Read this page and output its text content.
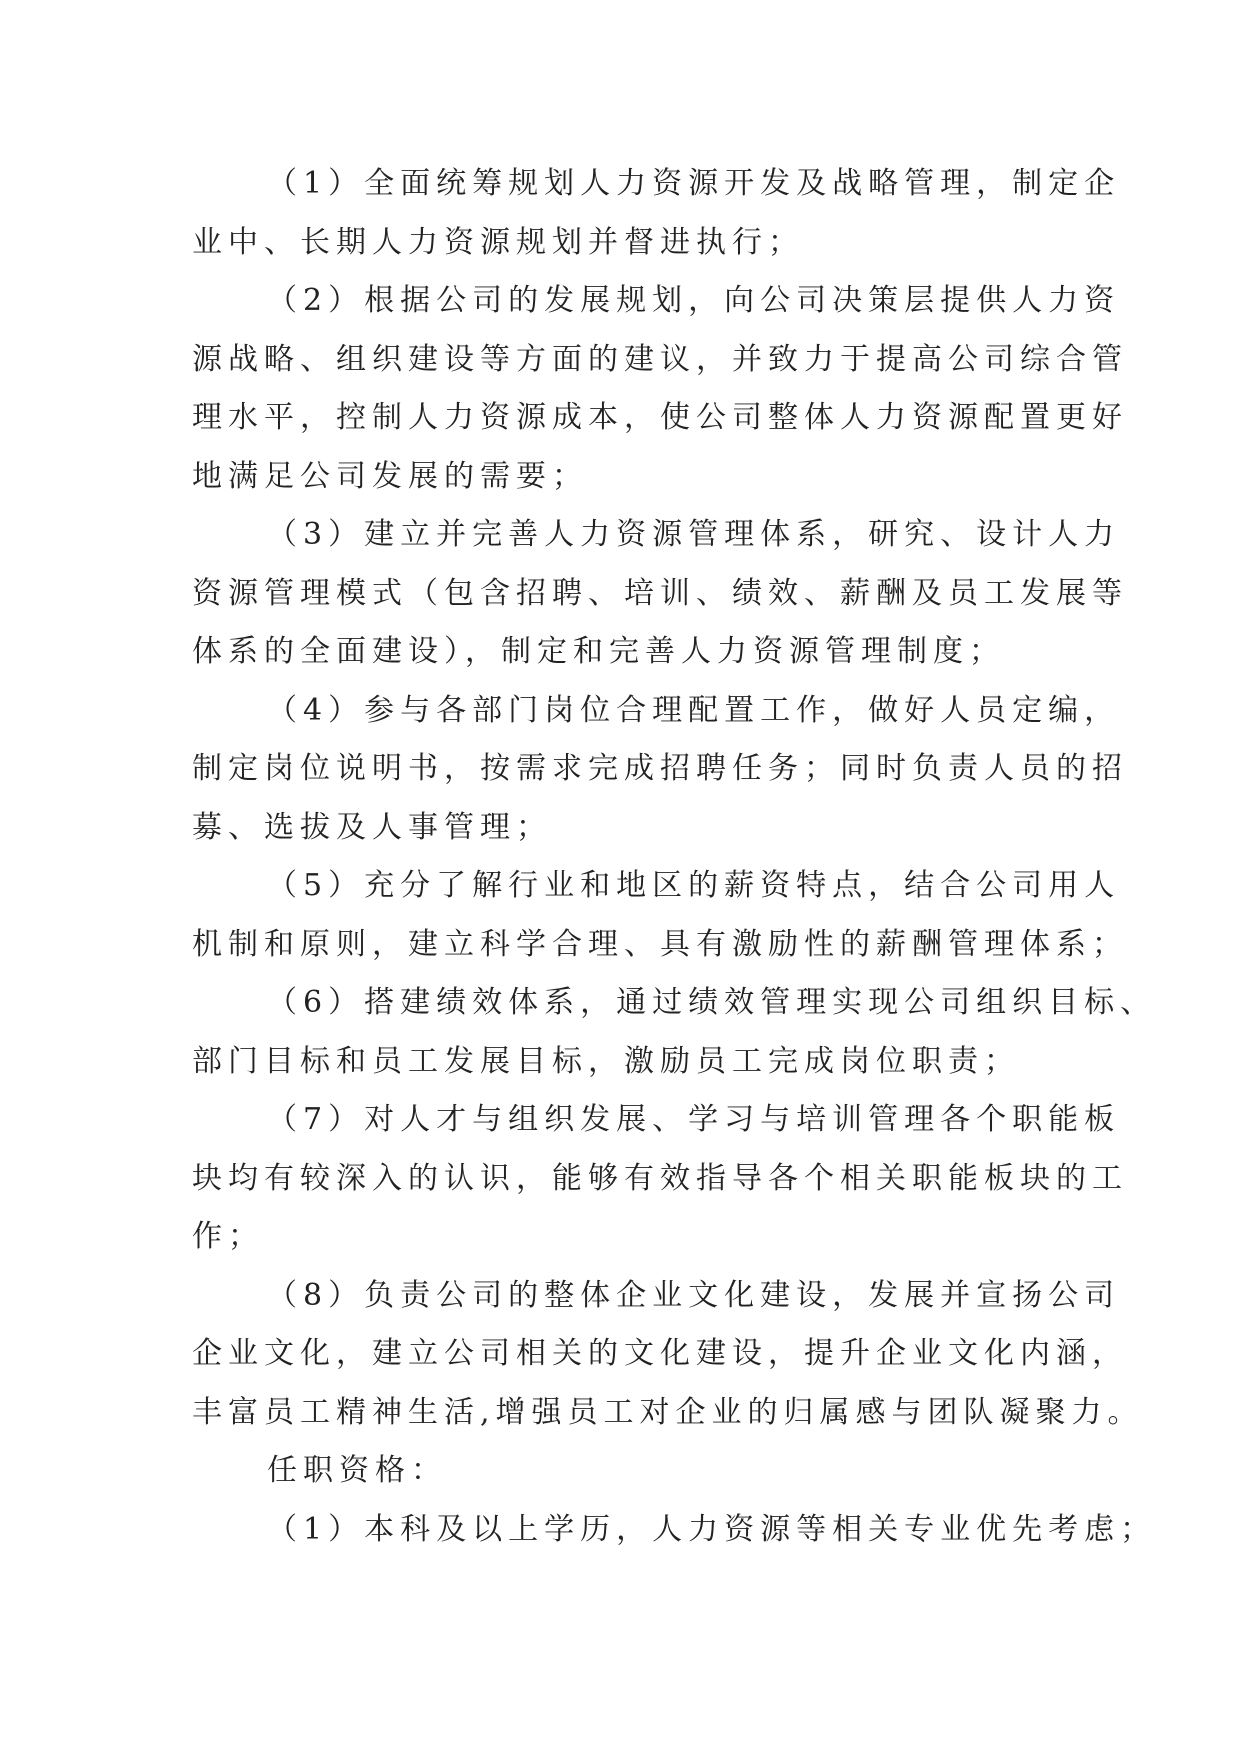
（1）全面统筹规划人力资源开发及战略管理，制定企
业中、长期人力资源规划并督进执行；
（2）根据公司的发展规划，向公司决策层提供人力资
源战略、组织建设等方面的建议，并致力于提高公司综合管
理水平，控制人力资源成本，使公司整体人力资源配置更好
地满足公司发展的需要；
（3）建立并完善人力资源管理体系，研究、设计人力
资源管理模式（包含招聘、培训、绩效、薪酬及员工发展等
体系的全面建设），制定和完善人力资源管理制度；
（4）参与各部门岗位合理配置工作，做好人员定编，
制定岗位说明书，按需求完成招聘任务；同时负责人员的招
募、选拔及人事管理；
（5）充分了解行业和地区的薪资特点，结合公司用人
机制和原则，建立科学合理、具有激励性的薪酬管理体系；
（6）搭建绩效体系，通过绩效管理实现公司组织目标、
部门目标和员工发展目标，激励员工完成岗位职责；
（7）对人才与组织发展、学习与培训管理各个职能板
块均有较深入的认识，能够有效指导各个相关职能板块的工
作；
（8）负责公司的整体企业文化建设，发展并宣扬公司
企业文化，建立公司相关的文化建设，提升企业文化内涵，
丰富员工精神生活,增强员工对企业的归属感与团队凝聚力。
任职资格：
（1）本科及以上学历，人力资源等相关专业优先考虑；
